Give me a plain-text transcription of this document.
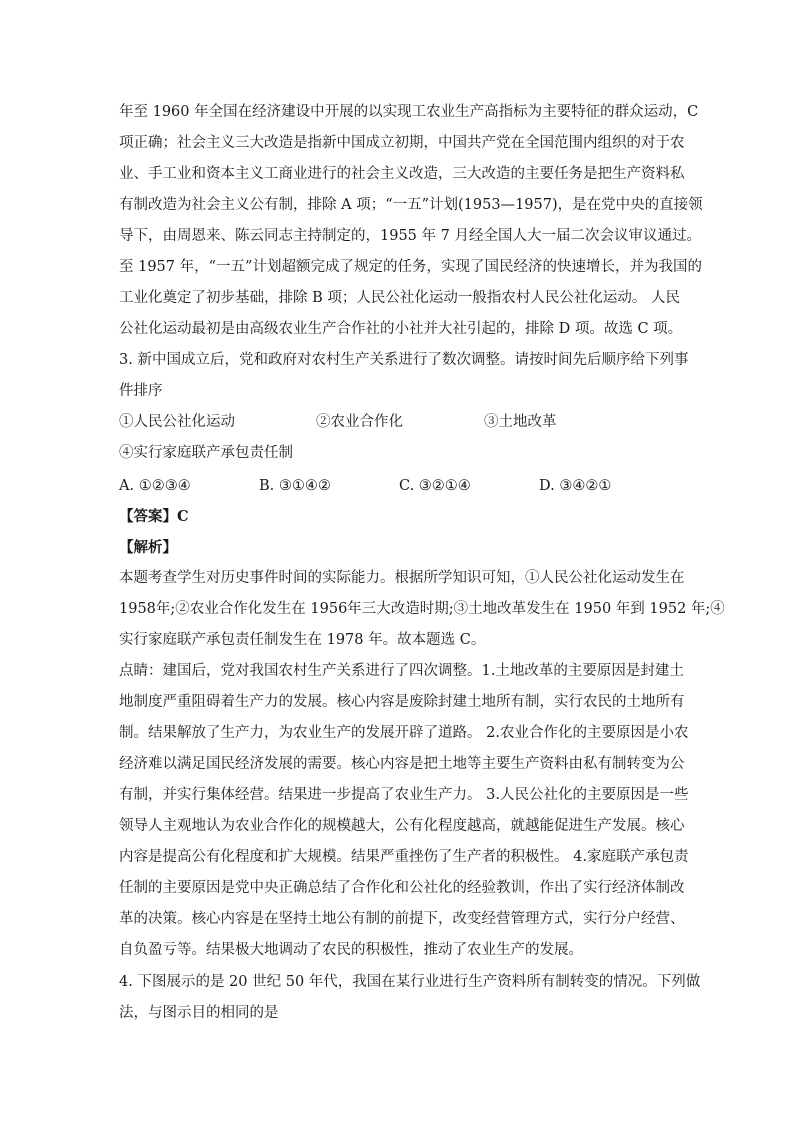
年至 1960 年全国在经济建设中开展的以实现工农业生产高指标为主要特征的群众运动，C
项正确；社会主义三大改造是指新中国成立初期，中国共产党在全国范围内组织的对于农
业、手工业和资本主义工商业进行的社会主义改造，三大改造的主要任务是把生产资料私
有制改造为社会主义公有制，排除 A 项；“一五”计划(1953—1957)，是在党中央的直接领
导下，由周恩来、陈云同志主持制定的，1955 年 7 月经全国人大一届二次会议审议通过。
至 1957 年，“一五”计划超额完成了规定的任务，实现了国民经济的快速增长，并为我国的
工业化奠定了初步基础，排除 B 项；人民公社化运动一般指农村人民公社化运动。 人民
公社化运动最初是由高级农业生产合作社的小社并大社引起的，排除 D 项。故选 C 项。
3. 新中国成立后，党和政府对农村生产关系进行了数次调整。请按时间先后顺序给下列事
件排序
①人民公社化运动	②农业合作化	③土地改革
④实行家庭联产承包责任制
A. ①②③④	B. ③①④②	C. ③②①④	D. ③④②①
【答案】C
【解析】
本题考查学生对历史事件时间的实际能力。根据所学知识可知，①人民公社化运动发生在
1958年;②农业合作化发生在 1956年三大改造时期;③土地改革发生在 1950 年到 1952 年;④
实行家庭联产承包责任制发生在 1978 年。故本题选 C。
点睛：建国后，党对我国农村生产关系进行了四次调整。1.土地改革的主要原因是封建土
地制度严重阻碍着生产力的发展。核心内容是废除封建土地所有制，实行农民的土地所有
制。结果解放了生产力，为农业生产的发展开辟了道路。 2.农业合作化的主要原因是小农
经济难以满足国民经济发展的需要。核心内容是把土地等主要生产资料由私有制转变为公
有制，并实行集体经营。结果进一步提高了农业生产力。 3.人民公社化的主要原因是一些
领导人主观地认为农业合作化的规模越大，公有化程度越高，就越能促进生产发展。核心
内容是提高公有化程度和扩大规模。结果严重挫伤了生产者的积极性。 4.家庭联产承包责
任制的主要原因是党中央正确总结了合作化和公社化的经验教训，作出了实行经济体制改
革的决策。核心内容是在坚持土地公有制的前提下，改变经营管理方式，实行分户经营、
自负盈亏等。结果极大地调动了农民的积极性，推动了农业生产的发展。
4. 下图展示的是 20 世纪 50 年代，我国在某行业进行生产资料所有制转变的情况。下列做
法，与图示目的相同的是
